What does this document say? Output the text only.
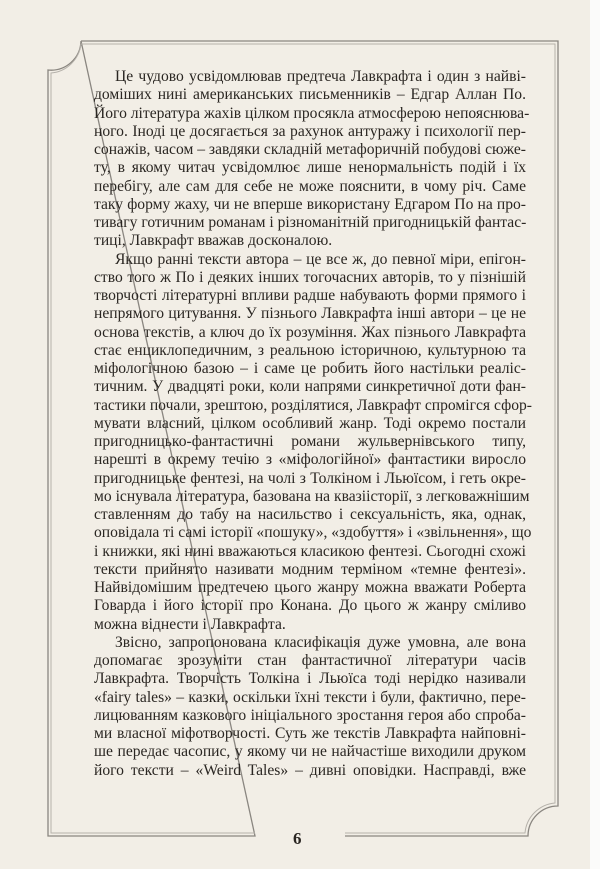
Це чудово усвідомлював предтеча Лавкрафта і один з найві-
доміших нині американських письменників – Едгар Аллан По.
Його література жахів цілком просякла атмосферою непояснюва-
ного. Іноді це досягається за рахунок антуражу і психології пер-
сонажів, часом – завдяки складній метафоричній побудові сюже-
ту, в якому читач усвідомлює лише ненормальність подій і їх
перебігу, але сам для себе не може пояснити, в чому річ. Саме
таку форму жаху, чи не вперше використану Едгаром По на про-
тивагу готичним романам і різноманітній пригодницькій фантас-
тиці, Лавкрафт вважав досконалою.
Якщо ранні тексти автора – це все ж, до певної міри, епігон-
ство того ж По і деяких інших тогочасних авторів, то у пізнішій
творчості літературні впливи радше набувають форми прямого і
непрямого цитування. У пізнього Лавкрафта інші автори – це не
основа текстів, а ключ до їх розуміння. Жах пізнього Лавкрафта
стає енциклопедичним, з реальною історичною, культурною та
міфологічною базою – і саме це робить його настільки реаліс-
тичним. У двадцяті роки, коли напрями синкретичної доти фан-
тастики почали, зрештою, розділятися, Лавкрафт спромігся сфор-
мувати власний, цілком особливий жанр. Тоді окремо постали
пригодницько-фантастичні романи жульвернівського типу,
нарешті в окрему течію з «міфологійної» фантастики виросло
пригодницьке фентезі, на чолі з Толкіном і Льюїсом, і геть окре-
мо існувала література, базована на квазіісторії, з легковажнішим
ставленням до табу на насильство і сексуальність, яка, однак,
оповідала ті самі історії «пошуку», «здобуття» і «звільнення», що
і книжки, які нині вважаються класикою фентезі. Сьогодні схожі
тексти прийнято називати модним терміном «темне фентезі».
Найвідомішим предтечею цього жанру можна вважати Роберта
Говарда і його історії про Конана. До цього ж жанру сміливо
можна віднести і Лавкрафта.
Звісно, запропонована класифікація дуже умовна, але вона
допомагає зрозуміти стан фантастичної літератури часів
Лавкрафта. Творчість Толкіна і Льюїса тоді нерідко називали
«fairy tales» – казки, оскільки їхні тексти і були, фактично, пере-
лицюванням казкового ініціального зростання героя або спроба-
ми власної міфотворчості. Суть же текстів Лавкрафта найповні-
ше передає часопис, у якому чи не найчастіше виходили друком
його тексти – «Weird Tales» – дивні оповідки. Насправді, вже
6
